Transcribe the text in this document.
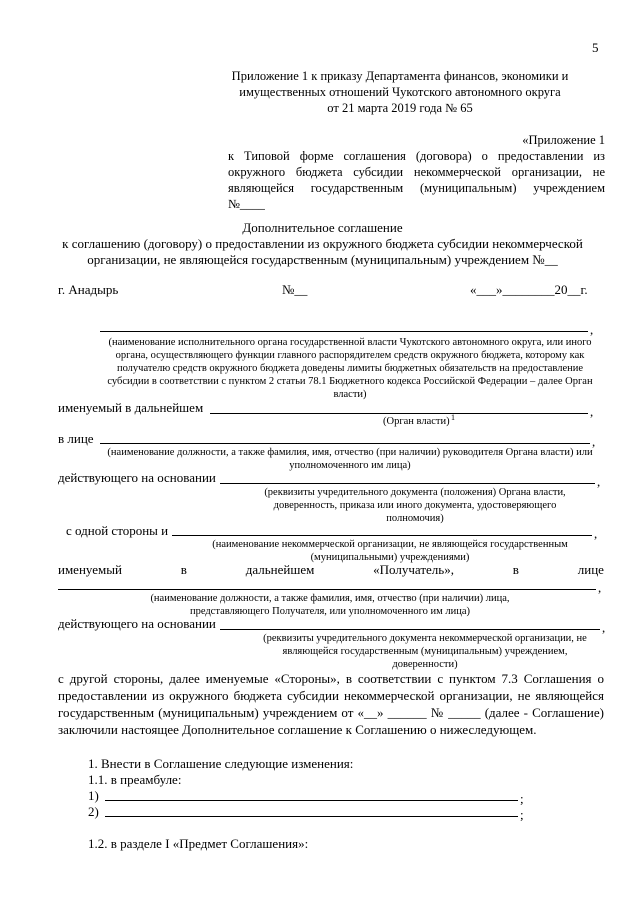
5
Приложение 1 к приказу Департамента финансов, экономики и
имущественных отношений Чукотского автономного округа
от 21 марта 2019 года № 65
«Приложение 1

к Типовой форме соглашения (договора) о предоставлении из

окружного бюджета субсидии некоммерческой организации, не

являющейся государственным (муниципальным) учреждением

№____

Дополнительное соглашение
к соглашению (договору) о предоставлении из окружного бюджета субсидии некоммерческой
организации, не являющейся государственным (муниципальным) учреждением №__
г. Анадырь	№__	«___»________20__г.
,
(наименование исполнительного органа государственной власти Чукотского автономного округа, или иного органа, осуществляющего функции главного распорядителем средств окружного бюджета, которому как получателю средств окружного бюджета доведены лимиты бюджетных обязательств на предоставление субсидии в соответствии с пунктом 2 статьи 78.1 Бюджетного кодекса Российской Федерации – далее Орган власти)
именуемый в дальнейшем	,
(Орган власти) 1
в лице	,
(наименование должности, а также фамилия, имя, отчество (при наличии) руководителя Органа власти) или уполномоченного им лица)
действующего на основании	,
(реквизиты учредительного документа (положения) Органа власти, доверенность, приказа или иного документа, удостоверяющего полномочия)
с одной стороны и	,
(наименование некоммерческой организации, не являющейся государственным (муниципальными) учреждениями)
именуемый	в	дальнейшем	«Получатель»,	в	лице
,
(наименование должности, а также фамилия, имя, отчество (при наличии) лица, представляющего Получателя, или уполномоченного им лица)
действующего на основании	,
(реквизиты учредительного документа некоммерческой организации, не являющейся государственным (муниципальным) учреждением, доверенности)
с другой стороны, далее именуемые «Стороны», в соответствии с пунктом 7.3 Соглашения о предоставлении из окружного бюджета субсидии некоммерческой организации, не являющейся государственным (муниципальным) учреждением от «__» ______ № _____ (далее - Соглашение) заключили настоящее Дополнительное соглашение к Соглашению о нижеследующем.
1. Внести в Соглашение следующие изменения:
1.1. в преамбуле:
1)	;
2)	;
1.2. в разделе I «Предмет Соглашения»:
